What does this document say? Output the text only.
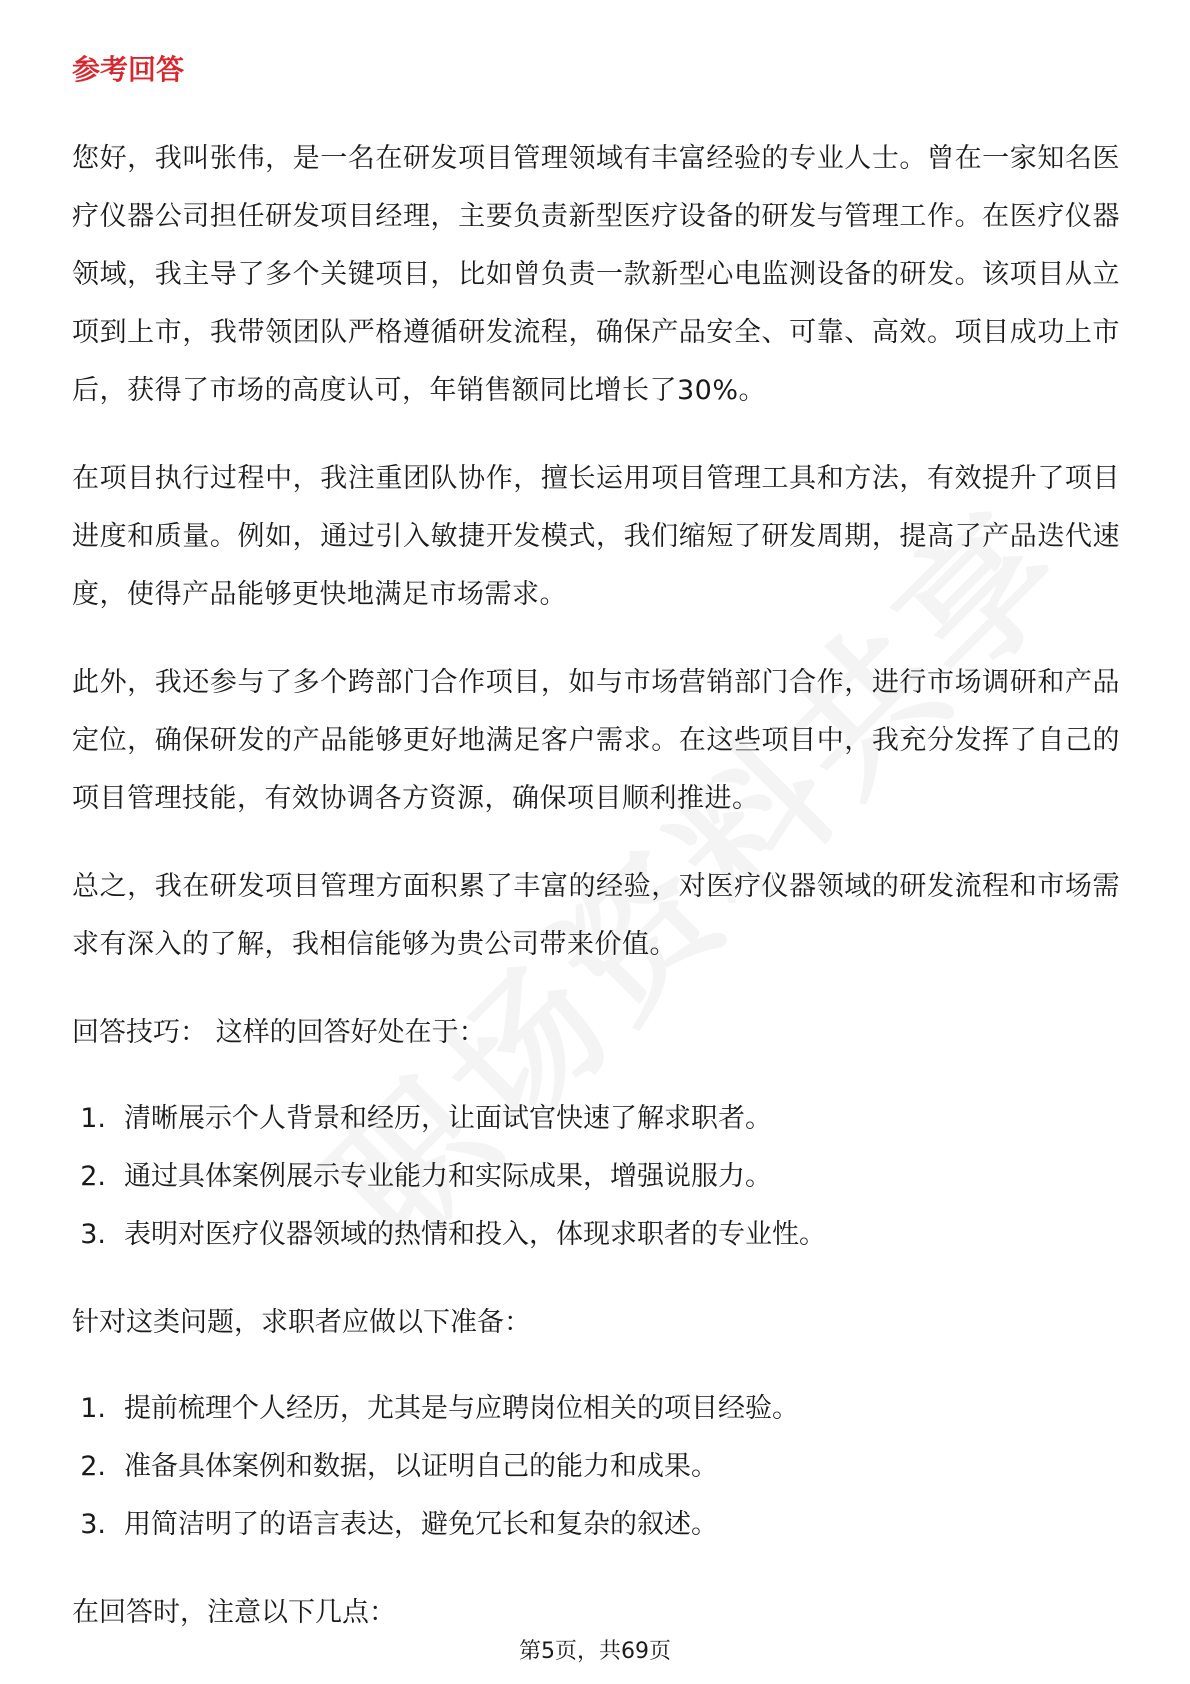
参考回答

您好，我叫张伟，是一名在研发项目管理领域有丰富经验的专业人士。曾在一家知名医疗仪器公司担任研发项目经理，主要负责新型医疗设备的研发与管理工作。在医疗仪器领域，我主导了多个关键项目，比如曾负责一款新型心电监测设备的研发。该项目从立项到上市，我带领团队严格遵循研发流程，确保产品安全、可靠、高效。项目成功上市后，获得了市场的高度认可，年销售额同比增长了30%。

在项目执行过程中，我注重团队协作，擅长运用项目管理工具和方法，有效提升了项目进度和质量。例如，通过引入敏捷开发模式，我们缩短了研发周期，提高了产品迭代速度，使得产品能够更快地满足市场需求。

此外，我还参与了多个跨部门合作项目，如与市场营销部门合作，进行市场调研和产品定位，确保研发的产品能够更好地满足客户需求。在这些项目中，我充分发挥了自己的项目管理技能，有效协调各方资源，确保项目顺利推进。

总之，我在研发项目管理方面积累了丰富的经验，对医疗仪器领域的研发流程和市场需求有深入的了解，我相信能够为贵公司带来价值。

回答技巧： 这样的回答好处在于：

1. 清晰展示个人背景和经历，让面试官快速了解求职者。
2. 通过具体案例展示专业能力和实际成果，增强说服力。
3. 表明对医疗仪器领域的热情和投入，体现求职者的专业性。

针对这类问题，求职者应做以下准备：

1. 提前梳理个人经历，尤其是与应聘岗位相关的项目经验。
2. 准备具体案例和数据，以证明自己的能力和成果。
3. 用简洁明了的语言表达，避免冗长和复杂的叙述。

在回答时，注意以下几点：

第5页，共69页
